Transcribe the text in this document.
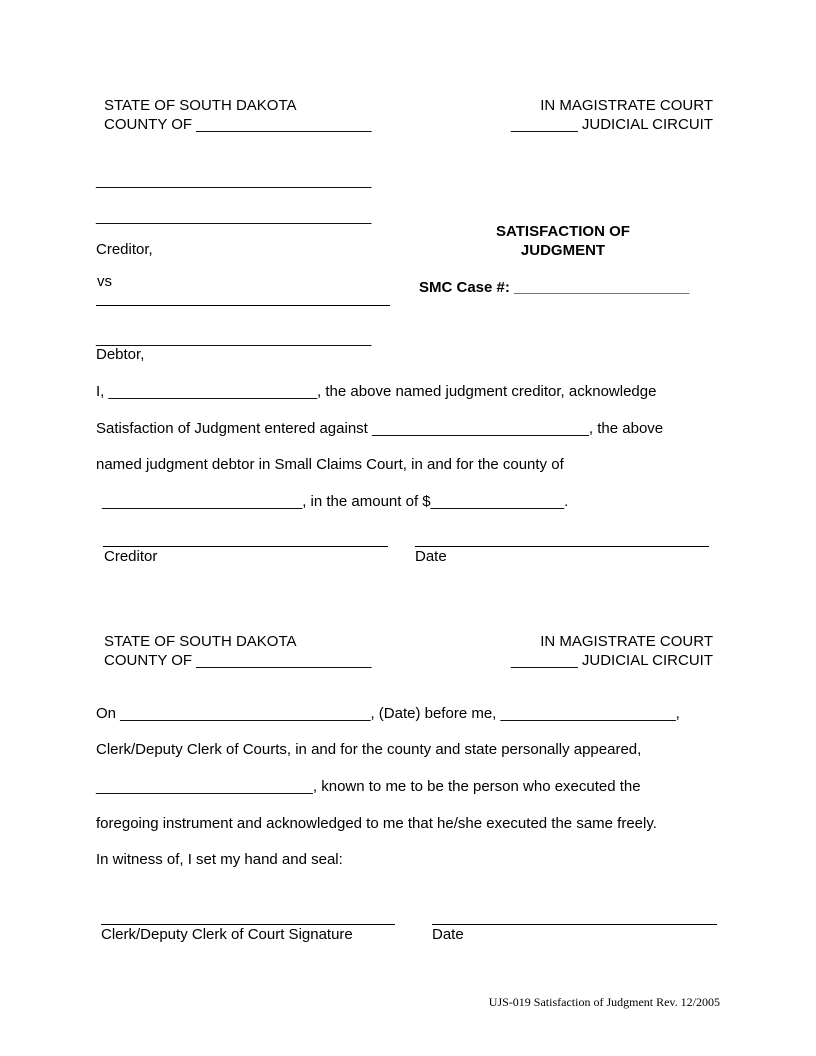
STATE OF SOUTH DAKOTA
COUNTY OF _____________________
IN MAGISTRATE COURT
________ JUDICIAL CIRCUIT
_________________________________
_________________________________
Creditor,
vs
_________________________________
Debtor,
SATISFACTION OF
JUDGMENT
SMC Case #: _____________________
I, _________________________, the above named judgment creditor, acknowledge
Satisfaction of Judgment entered against __________________________, the above
named judgment debtor in Small Claims Court, in and for the county of
________________________, in the amount of $________________.
Creditor	Date
STATE OF SOUTH DAKOTA
COUNTY OF _____________________
IN MAGISTRATE COURT
________ JUDICIAL CIRCUIT
On ______________________________, (Date) before me, _____________________,
Clerk/Deputy Clerk of Courts, in and for the county and state personally appeared,
__________________________, known to me to be the person who executed the
foregoing instrument and acknowledged to me that he/she executed the same freely.
In witness of, I set my hand and seal:
Clerk/Deputy Clerk of Court Signature	Date
UJS-019 Satisfaction of Judgment Rev. 12/2005
